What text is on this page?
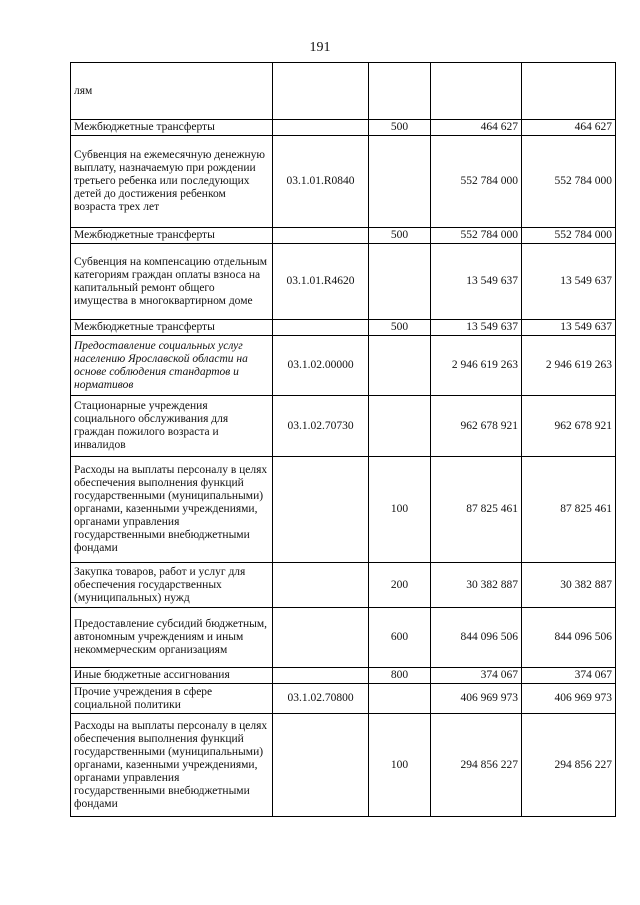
191
лям				
Межбюджетные трансферты		500	464 627	464 627
Субвенция на ежемесячную денежную выплату, назначаемую при рождении третьего ребенка или последующих детей до достижения ребенком возраста трех лет	03.1.01.R0840		552 784 000	552 784 000
Межбюджетные трансферты		500	552 784 000	552 784 000
Субвенция на компенсацию отдельным категориям граждан оплаты взноса на капитальный ремонт общего имущества в многоквартирном доме	03.1.01.R4620		13 549 637	13 549 637
Межбюджетные трансферты		500	13 549 637	13 549 637
Предоставление социальных услуг населению Ярославской области на основе соблюдения стандартов и нормативов	03.1.02.00000		2 946 619 263	2 946 619 263
Стационарные учреждения социального обслуживания для граждан пожилого возраста и инвалидов	03.1.02.70730		962 678 921	962 678 921
Расходы на выплаты персоналу в целях обеспечения выполнения функций государственными (муниципальными) органами, казенными учреждениями, органами управления государственными внебюджетными фондами		100	87 825 461	87 825 461
Закупка товаров, работ и услуг для обеспечения государственных (муниципальных) нужд		200	30 382 887	30 382 887
Предоставление субсидий бюджетным, автономным учреждениям и иным некоммерческим организациям		600	844 096 506	844 096 506
Иные бюджетные ассигнования		800	374 067	374 067
Прочие учреждения в сфере социальной политики	03.1.02.70800		406 969 973	406 969 973
Расходы на выплаты персоналу в целях обеспечения выполнения функций государственными (муниципальными) органами, казенными учреждениями, органами управления государственными внебюджетными фондами		100	294 856 227	294 856 227
